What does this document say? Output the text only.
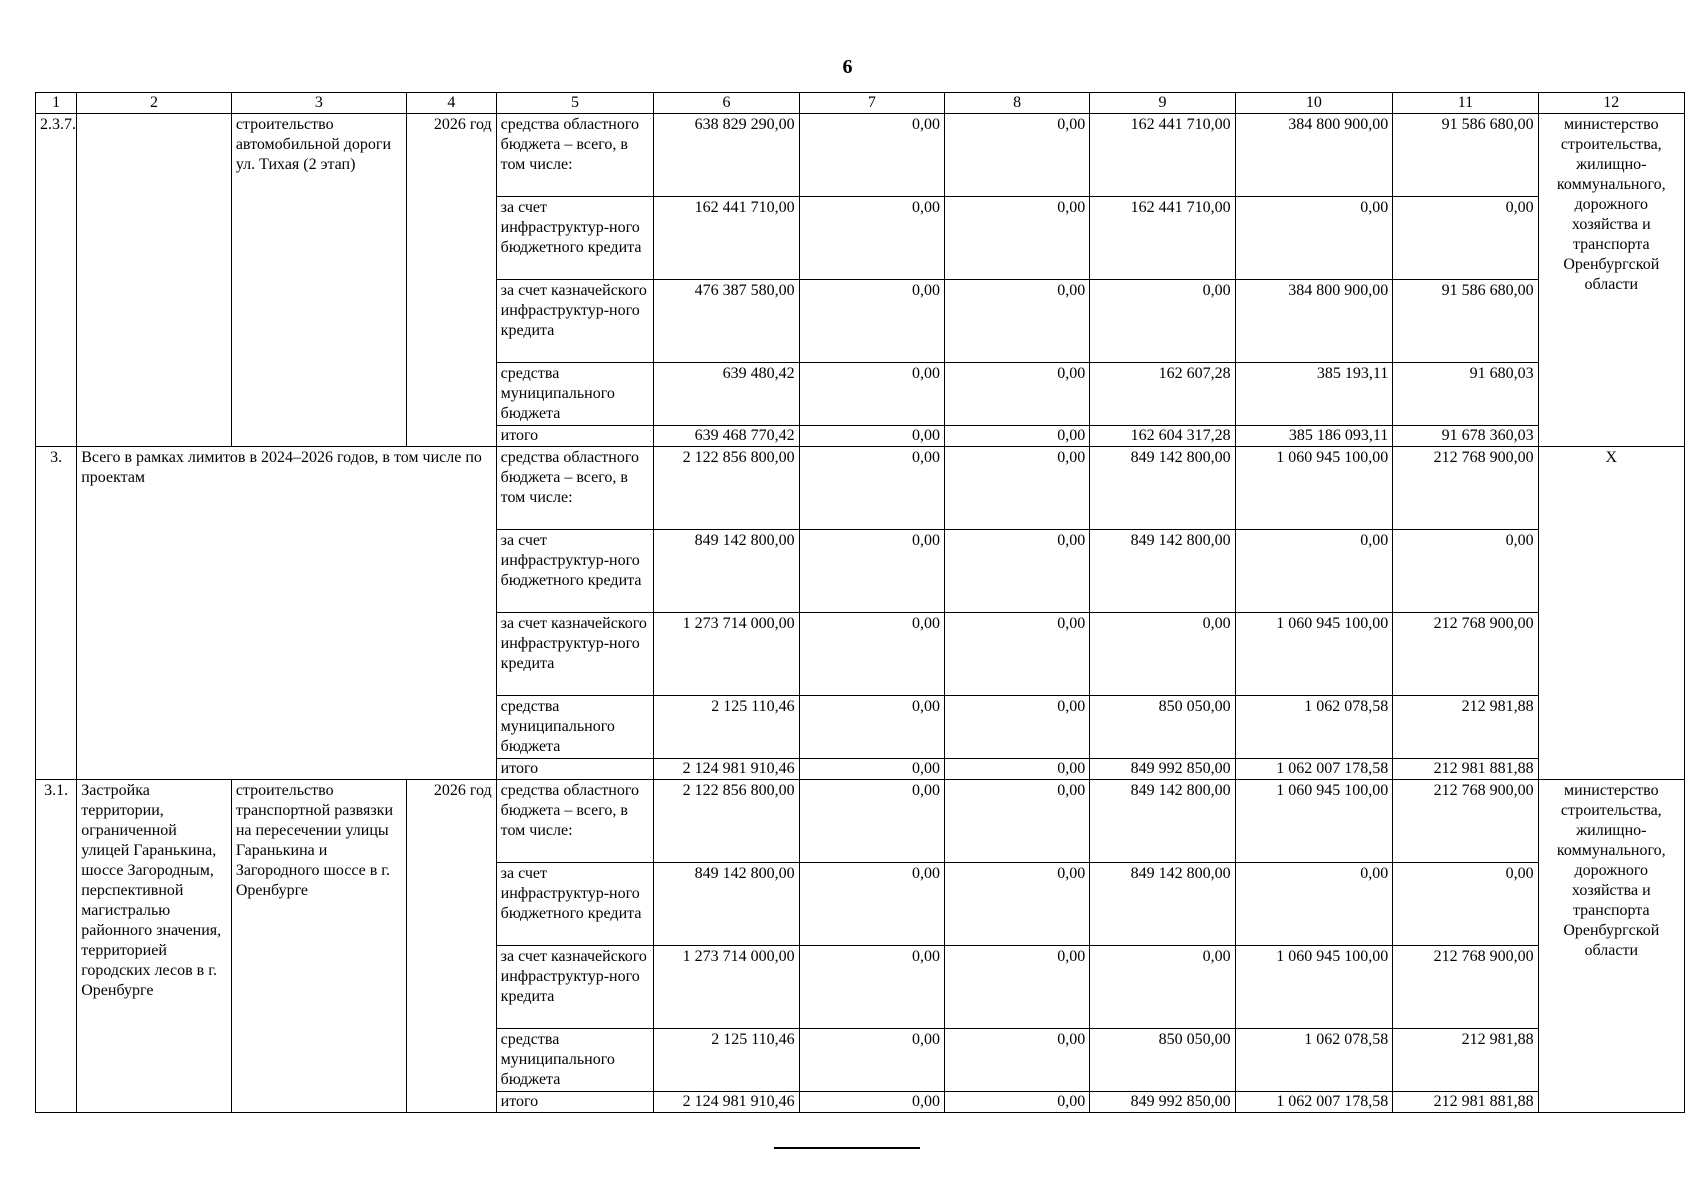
6
1	2	3	4	5	6	7	8	9	10	11	12
2.3.7.		строительство автомобильной дороги ул. Тихая (2 этап)	2026 год	средства областного бюджета – всего, в том числе:	638 829 290,00	0,00	0,00	162 441 710,00	384 800 900,00	91 586 680,00	министерство строительства, жилищно-коммунального, дорожного хозяйства и транспорта Оренбургской области
				за счет инфраструктур-ного бюджетного кредита	162 441 710,00	0,00	0,00	162 441 710,00	0,00	0,00	
				за счет казначейского инфраструктур-ного кредита	476 387 580,00	0,00	0,00	0,00	384 800 900,00	91 586 680,00	
				средства муниципального бюджета	639 480,42	0,00	0,00	162 607,28	385 193,11	91 680,03	
				итого	639 468 770,42	0,00	0,00	162 604 317,28	385 186 093,11	91 678 360,03	
3.	Всего в рамках лимитов в 2024–2026 годов, в том числе по проектам			средства областного бюджета – всего, в том числе:	2 122 856 800,00	0,00	0,00	849 142 800,00	1 060 945 100,00	212 768 900,00	X
				за счет инфраструктур-ного бюджетного кредита	849 142 800,00	0,00	0,00	849 142 800,00	0,00	0,00	
				за счет казначейского инфраструктур-ного кредита	1 273 714 000,00	0,00	0,00	0,00	1 060 945 100,00	212 768 900,00	
				средства муниципального бюджета	2 125 110,46	0,00	0,00	850 050,00	1 062 078,58	212 981,88	
				итого	2 124 981 910,46	0,00	0,00	849 992 850,00	1 062 007 178,58	212 981 881,88	
3.1.	Застройка территории, ограниченной улицей Гаранькина, шоссе Загородным, перспективной магистралью районного значения, территорией городских лесов в г. Оренбурге	строительство транспортной развязки на пересечении улицы Гаранькина и Загородного шоссе в г. Оренбурге	2026 год	средства областного бюджета – всего, в том числе:	2 122 856 800,00	0,00	0,00	849 142 800,00	1 060 945 100,00	212 768 900,00	министерство строительства, жилищно-коммунального, дорожного хозяйства и транспорта Оренбургской области
				за счет инфраструктур-ного бюджетного кредита	849 142 800,00	0,00	0,00	849 142 800,00	0,00	0,00	
				за счет казначейского инфраструктур-ного кредита	1 273 714 000,00	0,00	0,00	0,00	1 060 945 100,00	212 768 900,00	
				средства муниципального бюджета	2 125 110,46	0,00	0,00	850 050,00	1 062 078,58	212 981,88	
				итого	2 124 981 910,46	0,00	0,00	849 992 850,00	1 062 007 178,58	212 981 881,88	
